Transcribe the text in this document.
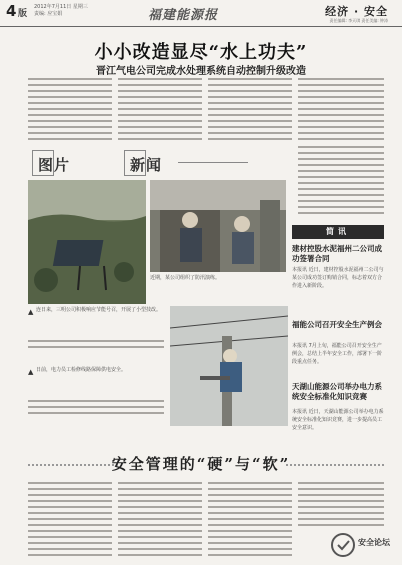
4 版
2012年7月11日 星期三
责编: 应宝娟	福建能源报	经济 · 安全
责任编辑: 李天琪 责任美编: 钟涛
小小改造显尽“水上功夫”
晋江气电公司完成水处理系统自动控制升级改造
图片	新闻
近期，某公司组织了防汛演练。
▲ 连日来，三明公司积极响应节能号召，开展了小型技改。
▲ 日前，电力员工检修线路保障供电安全。
简讯
建材控股水泥福州二公司成功签署合同
本报讯 近日，建材控股水泥福州二公司与某公司成功签订购销合同，标志着双方合作进入新阶段。
福能公司召开安全生产例会
本报讯 7月上旬，福能公司召开安全生产例会，总结上半年安全工作，部署下一阶段重点任务。
天湖山能源公司举办电力系统安全标准化知识竞赛
本报讯 近日，天湖山能源公司举办电力系统安全标准化知识竞赛，进一步提高员工安全意识。
安全管理的“硬”与“软”
安全论坛
